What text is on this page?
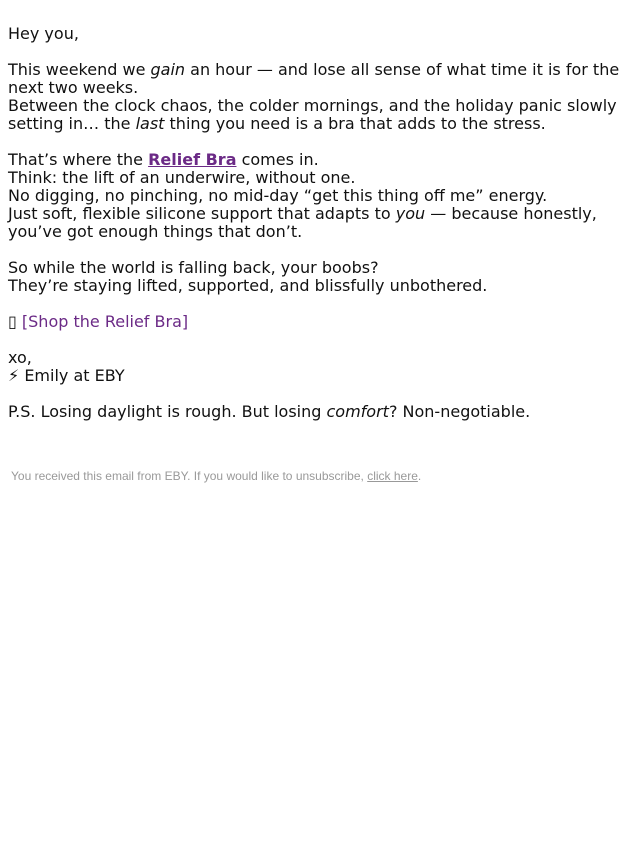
Hey you,

This weekend we gain an hour — and lose all sense of what time it is for the next two weeks.
Between the clock chaos, the colder mornings, and the holiday panic slowly setting in… the last thing you need is a bra that adds to the stress.

That’s where the Relief Bra comes in.
Think: the lift of an underwire, without one.
No digging, no pinching, no mid-day “get this thing off me” energy.
Just soft, flexible silicone support that adapts to you — because honestly, you’ve got enough things that don’t.

So while the world is falling back, your boobs?
They’re staying lifted, supported, and blissfully unbothered.

▯ [Shop the Relief Bra]

xo,
⚡ Emily at EBY

P.S. Losing daylight is rough. But losing comfort? Non-negotiable.

You received this email from EBY. If you would like to unsubscribe, click here.
